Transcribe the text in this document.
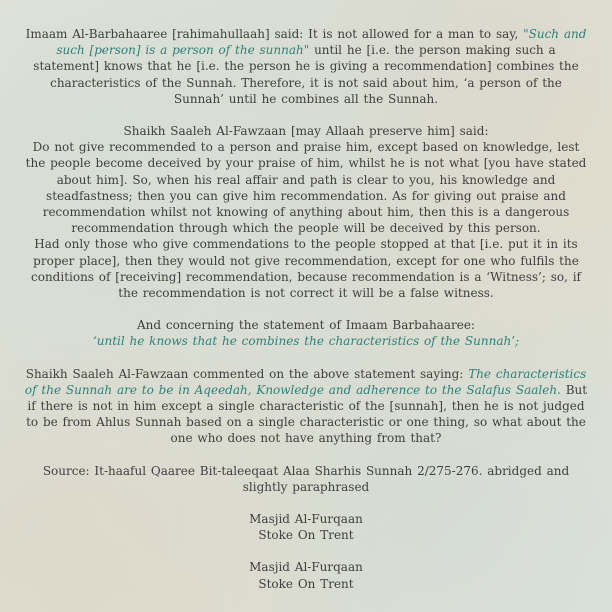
Imaam Al-Barbahaaree [rahimahullaah] said: It is not allowed for a man to say, "Such and such [person] is a person of the sunnah" until he [i.e. the person making such a statement] knows that he [i.e. the person he is giving a recommendation] combines the characteristics of the Sunnah. Therefore, it is not said about him, ‘a person of the Sunnah’ until he combines all the Sunnah.

Shaikh Saaleh Al-Fawzaan [may Allaah preserve him] said:

Do not give recommended to a person and praise him, except based on knowledge, lest the people become deceived by your praise of him, whilst he is not what [you have stated about him]. So, when his real affair and path is clear to you, his knowledge and steadfastness; then you can give him recommendation. As for giving out praise and recommendation whilst not knowing of anything about him, then this is a dangerous recommendation through which the people will be deceived by this person.

Had only those who give commendations to the people stopped at that [i.e. put it in its proper place], then they would not give recommendation, except for one who fulfils the conditions of [receiving] recommendation, because recommendation is a ‘Witness’; so, if the recommendation is not correct it will be a false witness.

And concerning the statement of Imaam Barbahaaree:

‘until he knows that he combines the characteristics of the Sunnah’;

Shaikh Saaleh Al-Fawzaan commented on the above statement saying: The characteristics of the Sunnah are to be in Aqeedah, Knowledge and adherence to the Salafus Saaleh. But if there is not in him except a single characteristic of the [sunnah], then he is not judged to be from Ahlus Sunnah based on a single characteristic or one thing, so what about the one who does not have anything from that?

Source: It-haaful Qaaree Bit-taleeqaat Alaa Sharhis Sunnah 2/275-276. abridged and slightly paraphrased

Masjid Al-Furqaan

Stoke On Trent

Masjid Al-Furqaan

Stoke On Trent
